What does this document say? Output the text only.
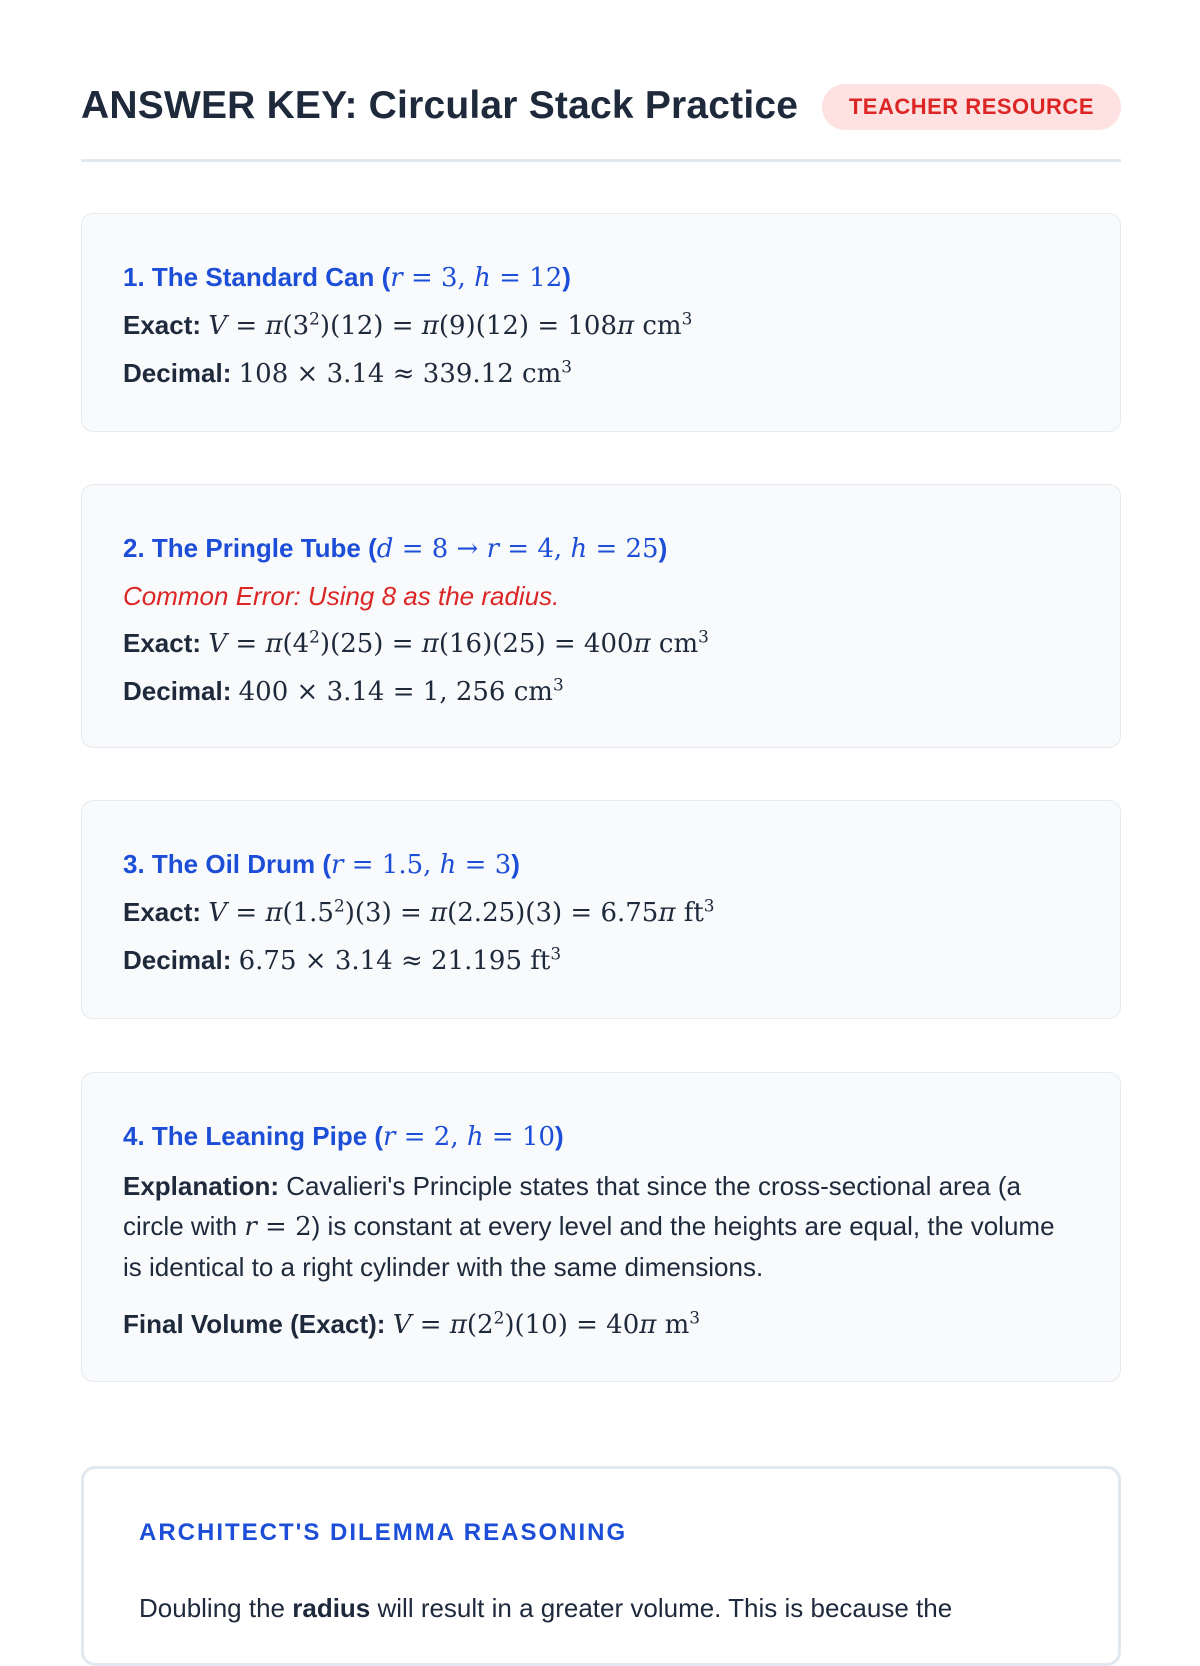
ANSWER KEY: Circular Stack Practice	TEACHER RESOURCE
1. The Standard Can (r = 3, h = 12)
Exact: $V = \pi(3^2)(12) = \pi(9)(12) = 108\pi$ $cm^3$
Decimal: 108 × 3.14 ≈ 339.12 $cm^3$
2. The Pringle Tube (d = 8 → r = 4, h = 25)
Common Error: Using 8 as the radius.
Exact: $V = \pi(4^2)(25) = \pi(16)(25) = 400\pi$ $cm^3$
Decimal: 400 × 3.14 = 1, 256 $cm^3$
3. The Oil Drum (r = 1.5, h = 3)
Exact: $V = \pi(1.5^2)(3) = \pi(2.25)(3) = 6.75\pi$ $ft^3$
Decimal: 6.75 × 3.14 ≈ 21.195 $ft^3$
4. The Leaning Pipe (r = 2, h = 10)
Explanation: Cavalieri's Principle states that since the cross-sectional area (a circle with r = 2) is constant at every level and the heights are equal, the volume is identical to a right cylinder with the same dimensions.
Final Volume (Exact): $V = \pi(2^2)(10) = 40\pi$ $m^3$
ARCHITECT'S DILEMMA REASONING

Doubling the radius will result in a greater volume. This is because the
